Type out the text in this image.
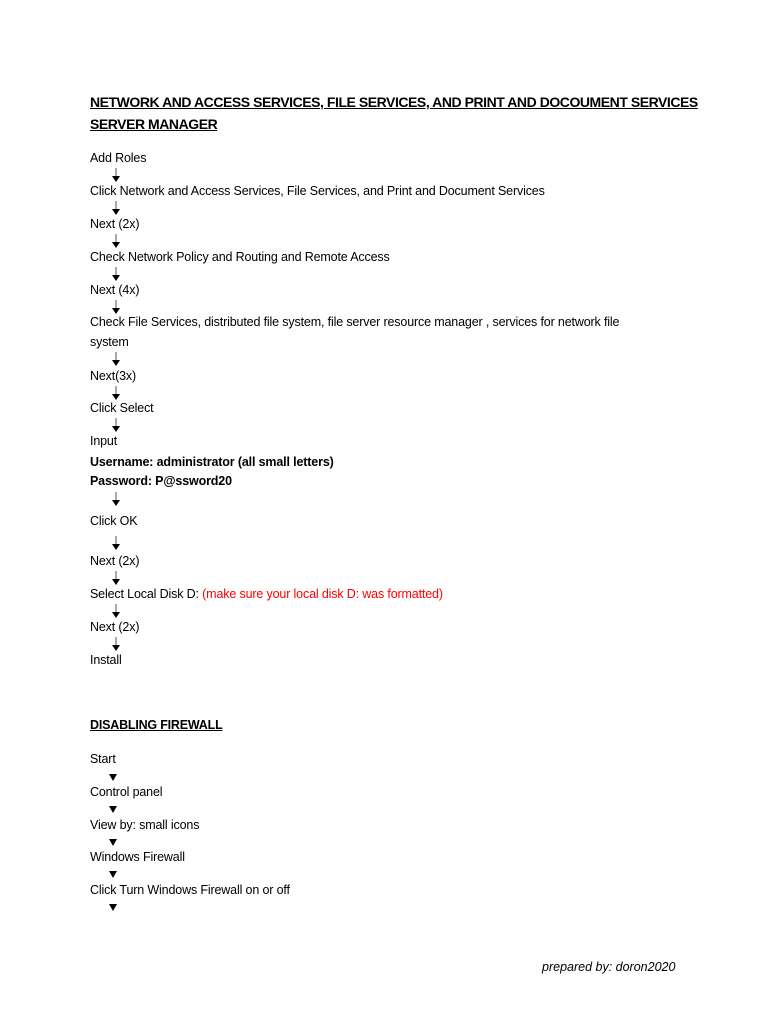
NETWORK AND ACCESS SERVICES, FILE SERVICES, AND PRINT AND DOCOUMENT SERVICES
SERVER MANAGER
Add Roles
Click Network and Access Services, File Services, and Print and Document Services
Next (2x)
Check Network Policy and Routing and Remote Access
Next (4x)
Check File Services, distributed file system, file server resource manager , services for network file system
Next(3x)
Click Select
Input
Username: administrator (all small letters)
Password: P@ssword20
Click OK
Next (2x)
Select Local Disk D: (make sure your local disk D: was formatted)
Next (2x)
Install
DISABLING FIREWALL
Start
Control panel
View by: small icons
Windows Firewall
Click Turn Windows Firewall on or off
prepared by: doron2020
